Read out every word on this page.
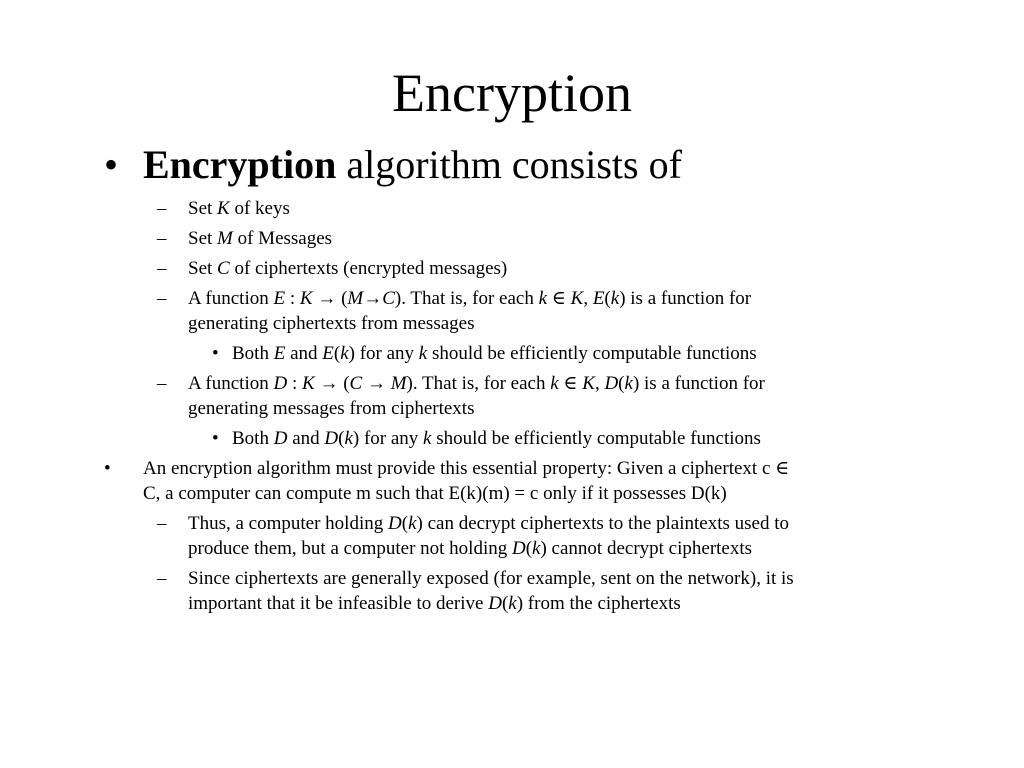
Encryption
• Encryption algorithm consists of
– Set K of keys
– Set M of Messages
– Set C of ciphertexts (encrypted messages)
– A function E : K → (M→C). That is, for each k ∈ K, E(k) is a function for
generating ciphertexts from messages
• Both E and E(k) for any k should be efficiently computable functions
– A function D : K → (C → M). That is, for each k ∈ K, D(k) is a function for
generating messages from ciphertexts
• Both D and D(k) for any k should be efficiently computable functions
• An encryption algorithm must provide this essential property: Given a ciphertext c ∈
C, a computer can compute m such that E(k)(m) = c only if it possesses D(k)
– Thus, a computer holding D(k) can decrypt ciphertexts to the plaintexts used to
produce them, but a computer not holding D(k) cannot decrypt ciphertexts
– Since ciphertexts are generally exposed (for example, sent on the network), it is
important that it be infeasible to derive D(k) from the ciphertexts
